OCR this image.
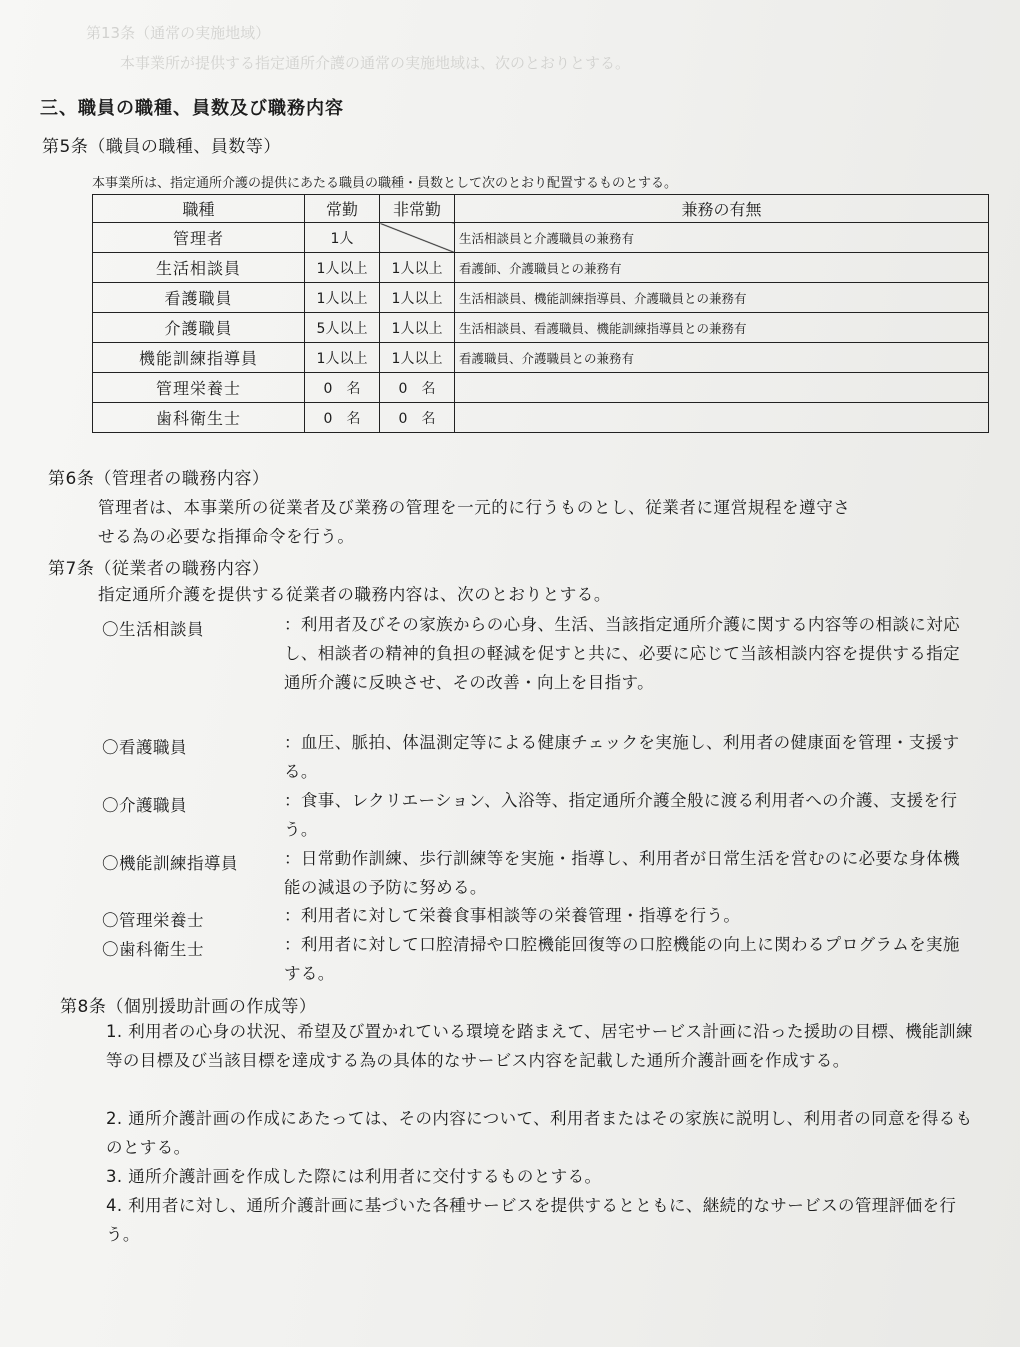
第13条（通常の実施地域）
本事業所が提供する指定通所介護の通常の実施地域は、次のとおりとする。
三、職員の職種、員数及び職務内容
第5条（職員の職種、員数等）
本事業所は、指定通所介護の提供にあたる職員の職種・員数として次のとおり配置するものとする。
職種	常勤	非常勤	兼務の有無
管理者	1人		生活相談員と介護職員の兼務有
生活相談員	1人以上	1人以上	看護師、介護職員との兼務有
看護職員	1人以上	1人以上	生活相談員、機能訓練指導員、介護職員との兼務有
介護職員	5人以上	1人以上	生活相談員、看護職員、機能訓練指導員との兼務有
機能訓練指導員	1人以上	1人以上	看護職員、介護職員との兼務有
管理栄養士	0　名	0　名	
歯科衛生士	0　名	0　名	
第6条（管理者の職務内容）
管理者は、本事業所の従業者及び業務の管理を一元的に行うものとし、従業者に運営規程を遵守さ
せる為の必要な指揮命令を行う。
第7条（従業者の職務内容）
指定通所介護を提供する従業者の職務内容は、次のとおりとする。
〇生活相談員	：利用者及びその家族からの心身、生活、当該指定通所介護に関する内容等の相談に対応し、相談者の精神的負担の軽減を促すと共に、必要に応じて当該相談内容を提供する指定通所介護に反映させ、その改善・向上を目指す。
〇看護職員	：血圧、脈拍、体温測定等による健康チェックを実施し、利用者の健康面を管理・支援する。
〇介護職員	：食事、レクリエーション、入浴等、指定通所介護全般に渡る利用者への介護、支援を行う。
〇機能訓練指導員	：日常動作訓練、歩行訓練等を実施・指導し、利用者が日常生活を営むのに必要な身体機能の減退の予防に努める。
〇管理栄養士	：利用者に対して栄養食事相談等の栄養管理・指導を行う。
〇歯科衛生士	：利用者に対して口腔清掃や口腔機能回復等の口腔機能の向上に関わるプログラムを実施する。
第8条（個別援助計画の作成等）
1. 利用者の心身の状況、希望及び置かれている環境を踏まえて、居宅サービス計画に沿った援助の目標、機能訓練等の目標及び当該目標を達成する為の具体的なサービス内容を記載した通所介護計画を作成する。
2. 通所介護計画の作成にあたっては、その内容について、利用者またはその家族に説明し、利用者の同意を得るものとする。
3. 通所介護計画を作成した際には利用者に交付するものとする。
4. 利用者に対し、通所介護計画に基づいた各種サービスを提供するとともに、継続的なサービスの管理評価を行う。
